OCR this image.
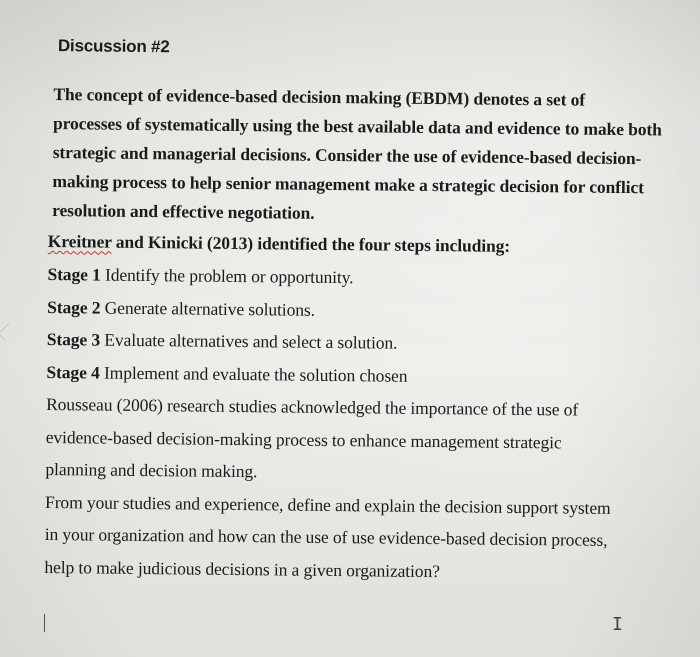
Discussion #2
The concept of evidence-based decision making (EBDM) denotes a set of
processes of systematically using the best available data and evidence to make both
strategic and managerial decisions. Consider the use of evidence-based decision-
making process to help senior management make a strategic decision for conflict
resolution and effective negotiation.
Kreitner and Kinicki (2013) identified the four steps including:
Stage 1 Identify the problem or opportunity.
Stage 2 Generate alternative solutions.
Stage 3 Evaluate alternatives and select a solution.
Stage 4 Implement and evaluate the solution chosen
Rousseau (2006) research studies acknowledged the importance of the use of
evidence-based decision-making process to enhance management strategic
planning and decision making.
From your studies and experience, define and explain the decision support system
in your organization and how can the use of use evidence-based decision process,
help to make judicious decisions in a given organization?
I
